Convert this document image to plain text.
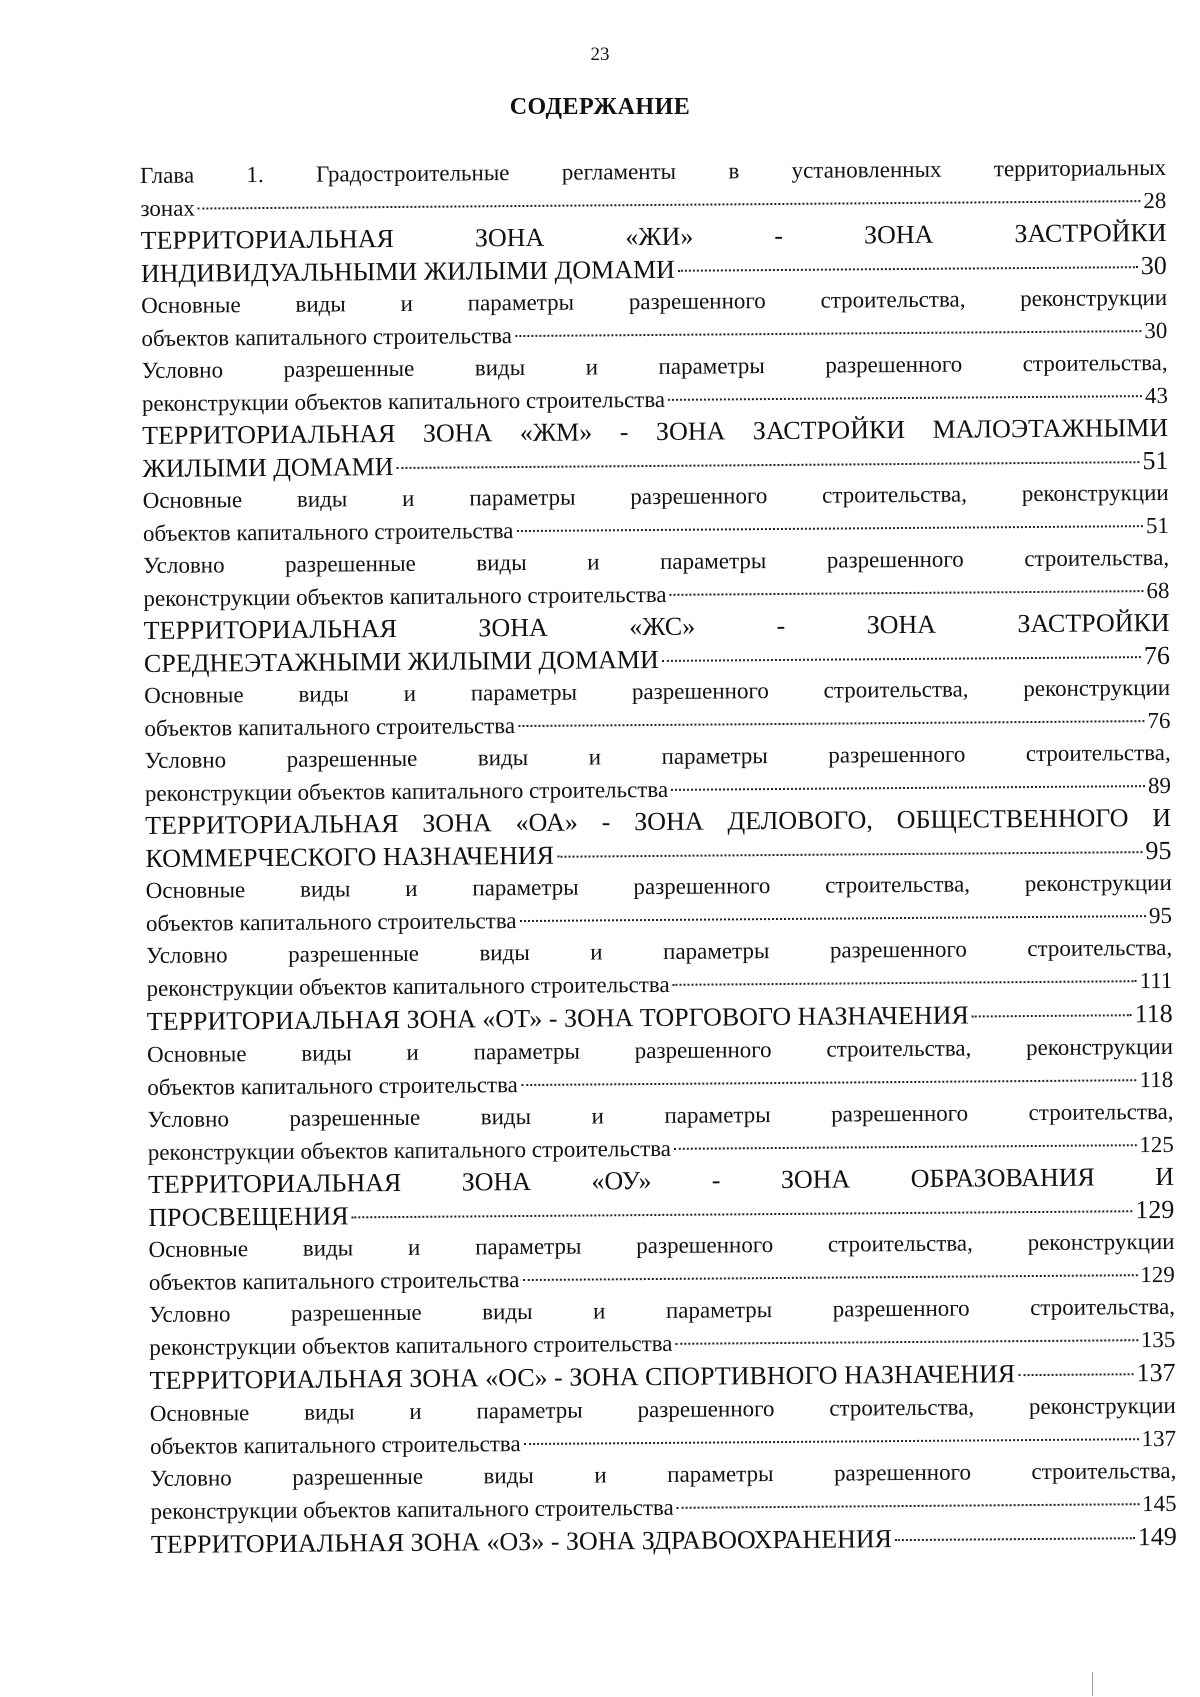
23
СОДЕРЖАНИЕ
Глава 1. Градостроительные регламенты в установленных территориальных
зонах	28
ТЕРРИТОРИАЛЬНАЯ	ЗОНА	«ЖИ»	-	ЗОНА	ЗАСТРОЙКИ
ИНДИВИДУАЛЬНЫМИ ЖИЛЫМИ ДОМАМИ	30
Основные виды и параметры разрешенного строительства, реконструкции
объектов капитального строительства	30
Условно	разрешенные	виды	и	параметры	разрешенного	строительства,
реконструкции объектов капитального строительства	43
ТЕРРИТОРИАЛЬНАЯ ЗОНА «ЖМ» - ЗОНА ЗАСТРОЙКИ МАЛОЭТАЖНЫМИ
ЖИЛЫМИ ДОМАМИ	51
Основные виды и параметры разрешенного строительства, реконструкции
объектов капитального строительства	51
Условно	разрешенные	виды	и	параметры	разрешенного	строительства,
реконструкции объектов капитального строительства	68
ТЕРРИТОРИАЛЬНАЯ	ЗОНА	«ЖС»	-	ЗОНА	ЗАСТРОЙКИ
СРЕДНЕЭТАЖНЫМИ ЖИЛЫМИ ДОМАМИ	76
Основные виды и параметры разрешенного строительства, реконструкции
объектов капитального строительства	76
Условно	разрешенные	виды	и	параметры	разрешенного	строительства,
реконструкции объектов капитального строительства	89
ТЕРРИТОРИАЛЬНАЯ ЗОНА «ОА» - ЗОНА ДЕЛОВОГО, ОБЩЕСТВЕННОГО И
КОММЕРЧЕСКОГО НАЗНАЧЕНИЯ	95
Основные виды и параметры разрешенного строительства, реконструкции
объектов капитального строительства	95
Условно	разрешенные	виды	и	параметры	разрешенного	строительства,
реконструкции объектов капитального строительства	111
ТЕРРИТОРИАЛЬНАЯ ЗОНА «ОТ» - ЗОНА ТОРГОВОГО НАЗНАЧЕНИЯ	118
Основные виды и параметры разрешенного строительства, реконструкции
объектов капитального строительства	118
Условно	разрешенные	виды	и	параметры	разрешенного	строительства,
реконструкции объектов капитального строительства	125
ТЕРРИТОРИАЛЬНАЯ ЗОНА «ОУ» - ЗОНА ОБРАЗОВАНИЯ И
ПРОСВЕЩЕНИЯ	129
Основные виды и параметры разрешенного строительства, реконструкции
объектов капитального строительства	129
Условно	разрешенные	виды	и	параметры	разрешенного	строительства,
реконструкции объектов капитального строительства	135
ТЕРРИТОРИАЛЬНАЯ ЗОНА «ОС» - ЗОНА СПОРТИВНОГО НАЗНАЧЕНИЯ	137
Основные виды и параметры разрешенного строительства, реконструкции
объектов капитального строительства	137
Условно	разрешенные	виды	и	параметры	разрешенного	строительства,
реконструкции объектов капитального строительства	145
ТЕРРИТОРИАЛЬНАЯ ЗОНА «ОЗ» - ЗОНА ЗДРАВООХРАНЕНИЯ	149
